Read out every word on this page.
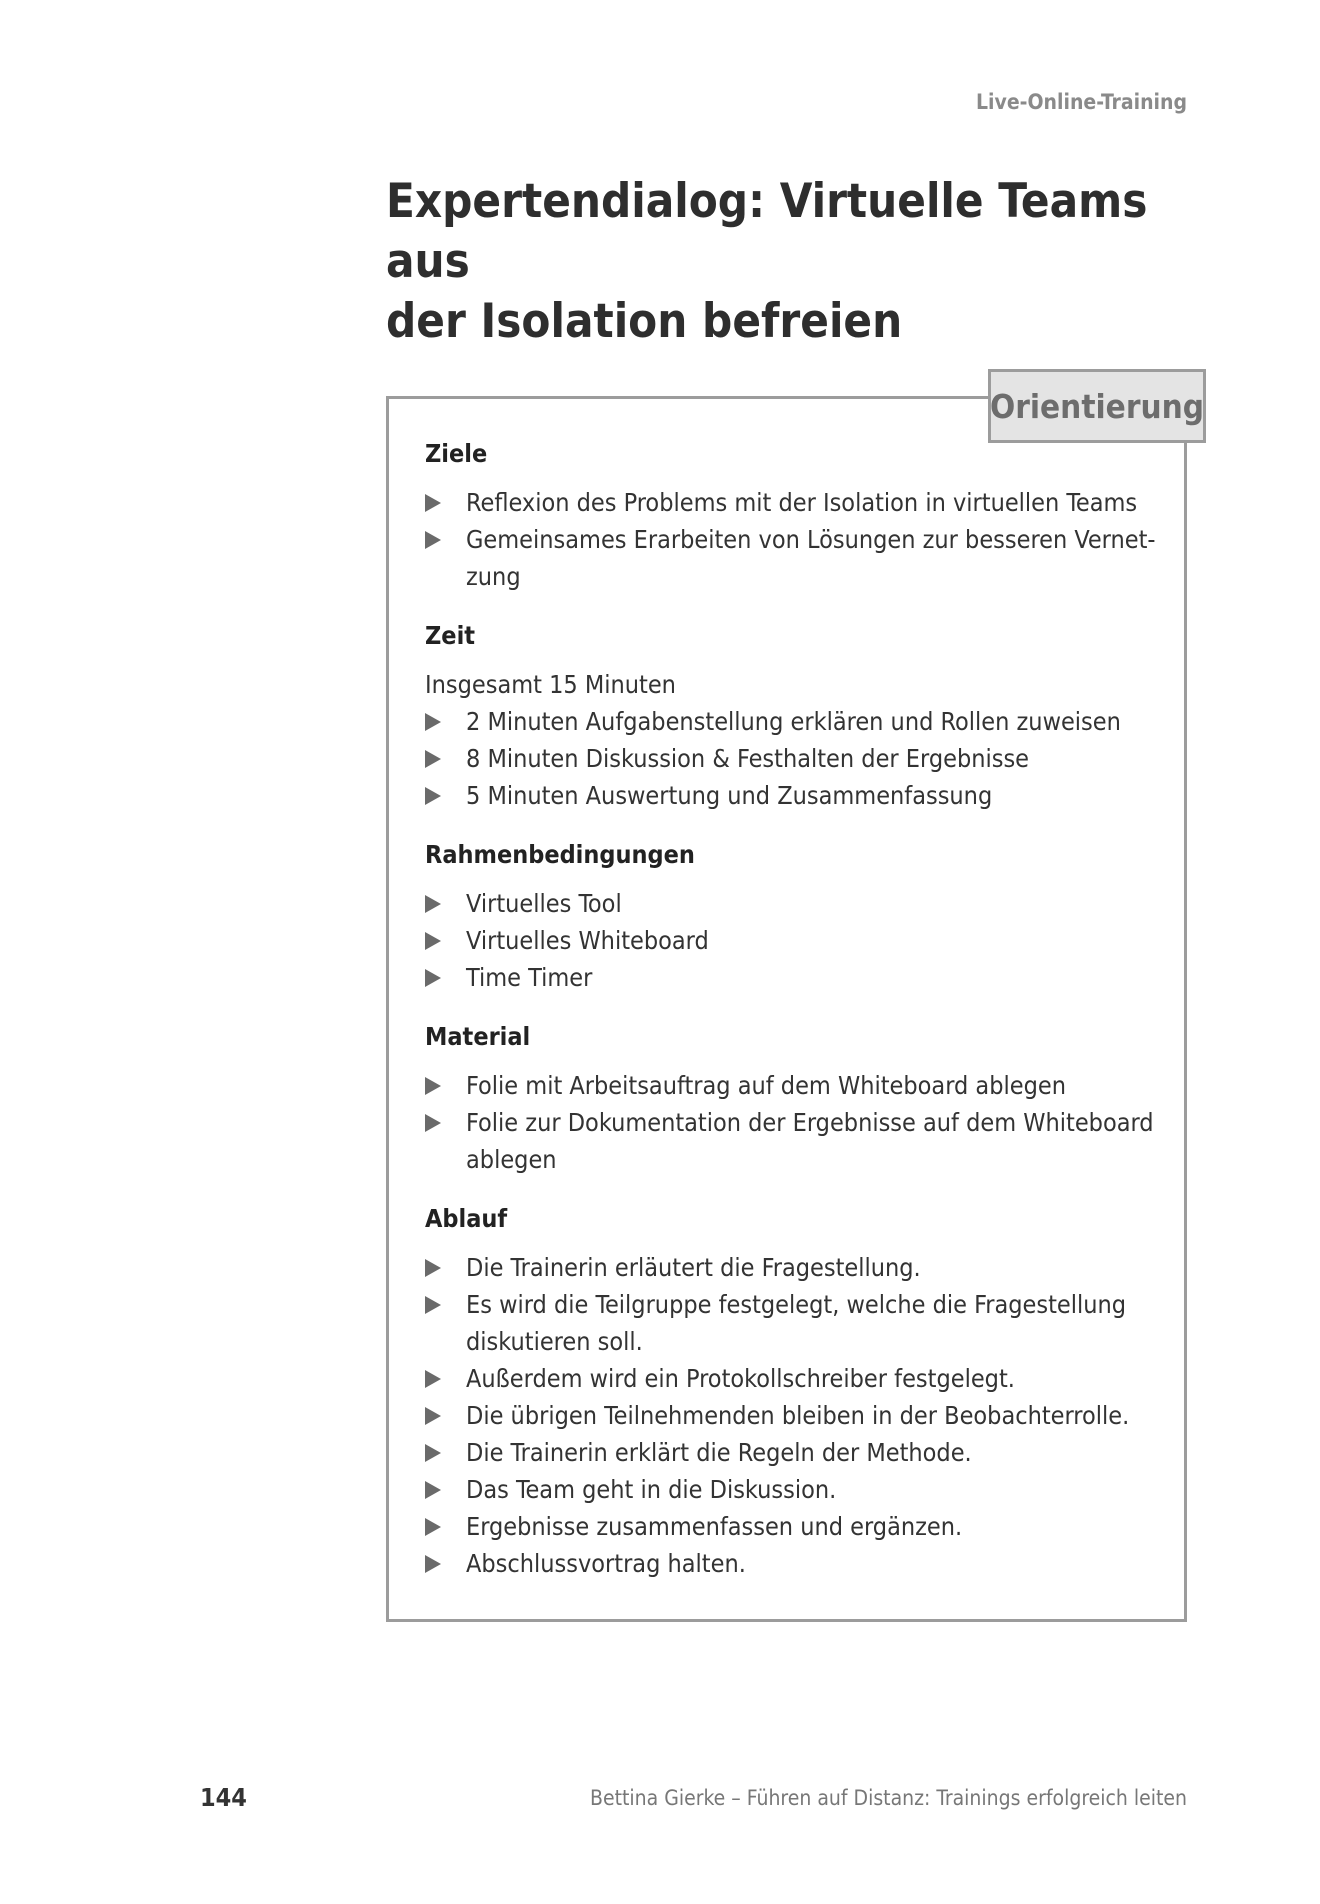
Live-Online-Training
Expertendialog: Virtuelle Teams aus
der Isolation befreien
Orientierung
Ziele
Reflexion des Problems mit der Isolation in virtuellen Teams
Gemeinsames Erarbeiten von Lösungen zur besseren Vernet-zung
Zeit
Insgesamt 15 Minuten
2 Minuten Aufgabenstellung erklären und Rollen zuweisen
8 Minuten Diskussion & Festhalten der Ergebnisse
5 Minuten Auswertung und Zusammenfassung
Rahmenbedingungen
Virtuelles Tool
Virtuelles Whiteboard
Time Timer
Material
Folie mit Arbeitsauftrag auf dem Whiteboard ablegen
Folie zur Dokumentation der Ergebnisse auf dem Whiteboard ablegen
Ablauf
Die Trainerin erläutert die Fragestellung.
Es wird die Teilgruppe festgelegt, welche die Fragestellung diskutieren soll.
Außerdem wird ein Protokollschreiber festgelegt.
Die übrigen Teilnehmenden bleiben in der Beobachterrolle.
Die Trainerin erklärt die Regeln der Methode.
Das Team geht in die Diskussion.
Ergebnisse zusammenfassen und ergänzen.
Abschlussvortrag halten.
144	Bettina Gierke – Führen auf Distanz: Trainings erfolgreich leiten
